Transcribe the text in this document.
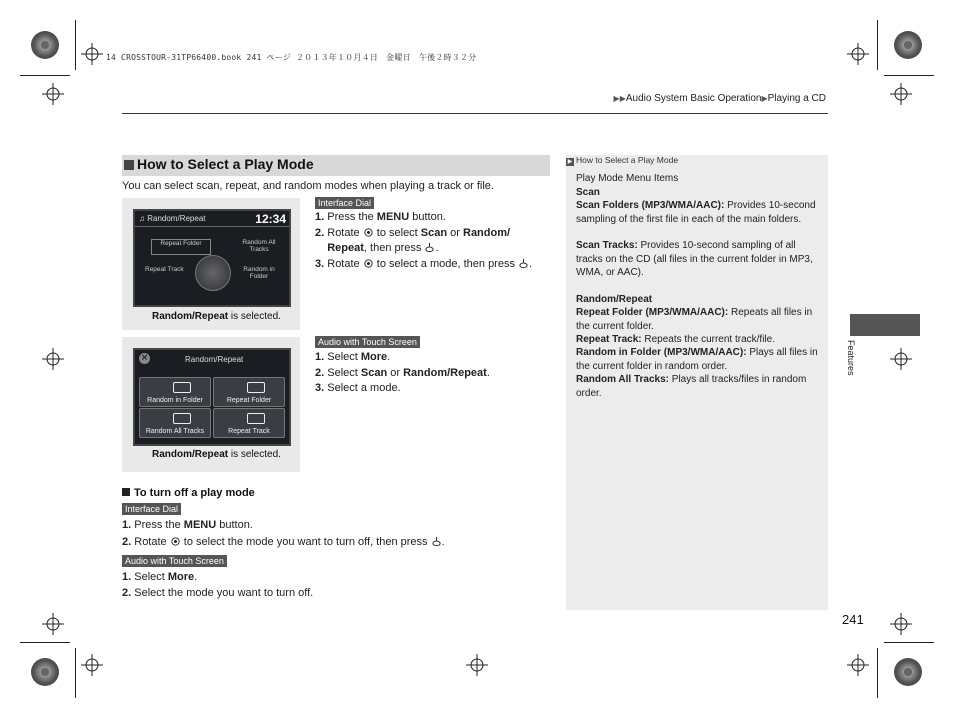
14 CROSSTOUR-31TP66400.book 241 ページ ２０１３年１０月４日　金曜日　午後２時３２分
▶▶Audio System Basic Operation▶Playing a CD
How to Select a Play Mode
You can select scan, repeat, and random modes when playing a track or file.
♫ Random/Repeat	12:34
Repeat Folder	Random All Tracks
Repeat Track	Random in Folder
Random/Repeat is selected.
Interface Dial
1. Press the MENU button.
2. Rotate  to select Scan or Random/
Repeat, then press .
3. Rotate  to select a mode, then press .
×	Random/Repeat
Random in Folder	Repeat Folder
Random All Tracks	Repeat Track
Random/Repeat is selected.
Audio with Touch Screen
1. Select More.
2. Select Scan or Random/Repeat.
3. Select a mode.
To turn off a play mode
Interface Dial
1. Press the MENU button.
2. Rotate  to select the mode you want to turn off, then press .
Audio with Touch Screen
1. Select More.
2. Select the mode you want to turn off.
▶ How to Select a Play Mode
Play Mode Menu Items
Scan
Scan Folders (MP3/WMA/AAC): Provides 10-second sampling of the first file in each of the main folders.
Scan Tracks: Provides 10-second sampling of all tracks on the CD (all files in the current folder in MP3, WMA, or AAC).
Random/Repeat
Repeat Folder (MP3/WMA/AAC): Repeats all files in the current folder.
Repeat Track: Repeats the current track/file.
Random in Folder (MP3/WMA/AAC): Plays all files in the current folder in random order.
Random All Tracks: Plays all tracks/files in random order.
Features
241
